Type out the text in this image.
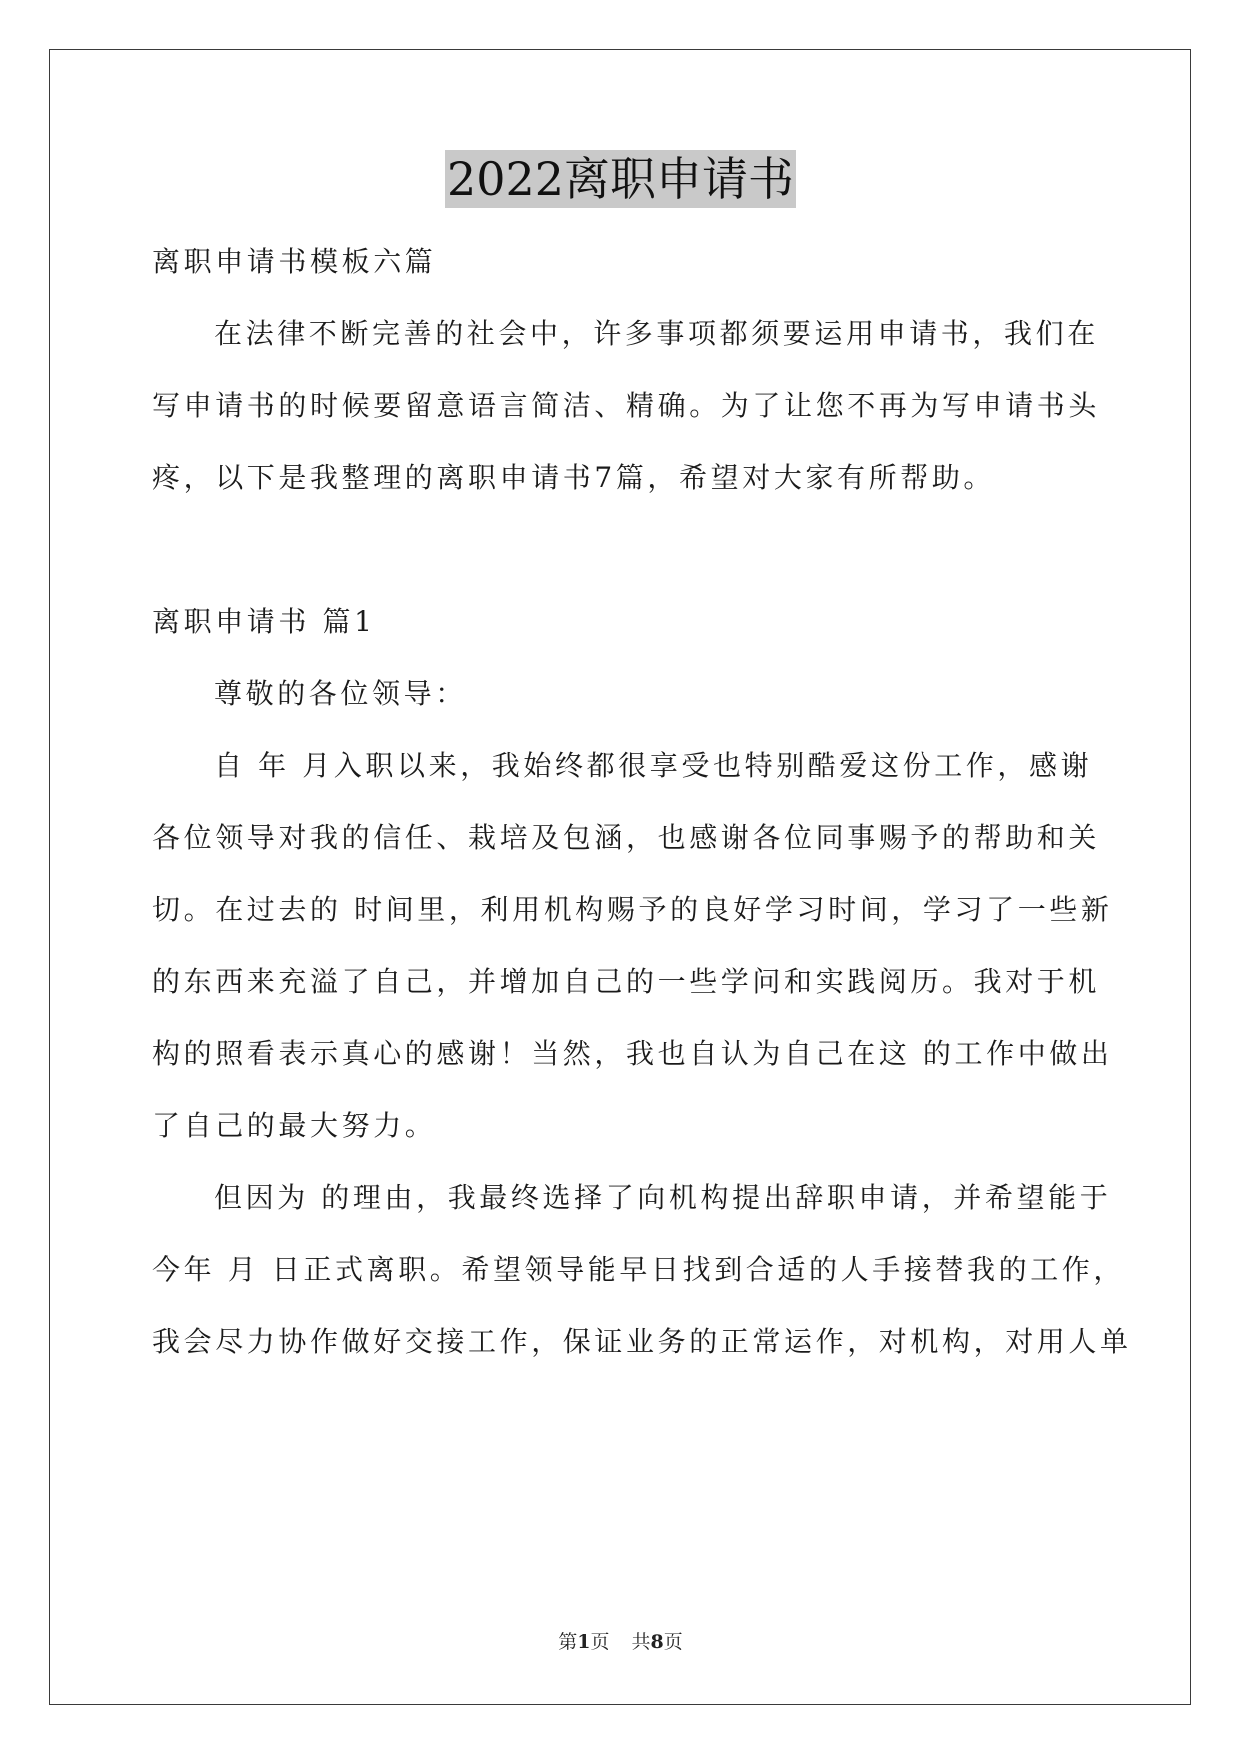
2022离职申请书
离职申请书模板六篇
在法律不断完善的社会中，许多事项都须要运用申请书，我们在
写申请书的时候要留意语言简洁、精确。为了让您不再为写申请书头
疼，以下是我整理的离职申请书7篇，希望对大家有所帮助。
离职申请书 篇1
尊敬的各位领导：
自 年 月入职以来，我始终都很享受也特别酷爱这份工作，感谢
各位领导对我的信任、栽培及包涵，也感谢各位同事赐予的帮助和关
切。在过去的 时间里，利用机构赐予的良好学习时间，学习了一些新
的东西来充溢了自己，并增加自己的一些学问和实践阅历。我对于机
构的照看表示真心的感谢！当然，我也自认为自己在这 的工作中做出
了自己的最大努力。
但因为 的理由，我最终选择了向机构提出辞职申请，并希望能于
今年 月 日正式离职。希望领导能早日找到合适的人手接替我的工作，
我会尽力协作做好交接工作，保证业务的正常运作，对机构，对用人单
第1页 共8页
